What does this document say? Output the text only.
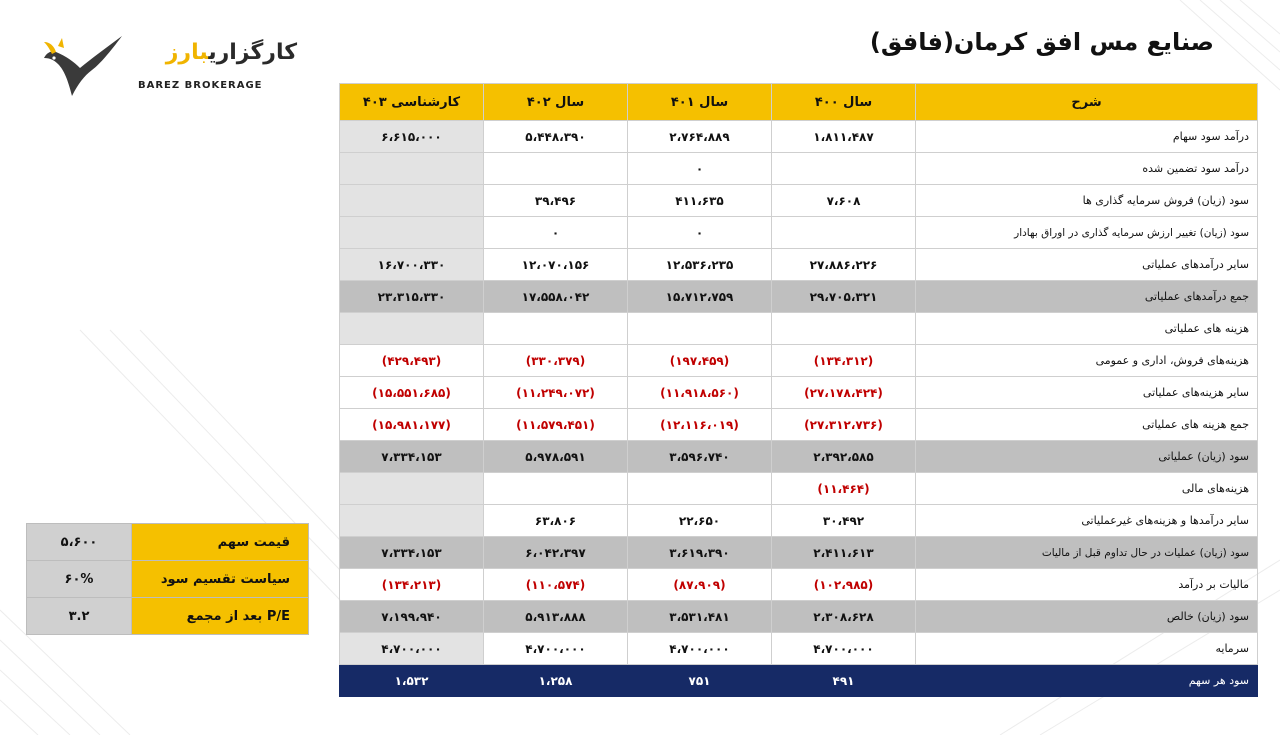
کارگزاریبارز
BAREZ BROKERAGE
صنایع مس افق کرمان(فافق)
کارشناسی ۴۰۳	سال ۴۰۲	سال ۴۰۱	سال ۴۰۰	شرح
۶،۶۱۵،۰۰۰	۵،۴۴۸،۳۹۰	۲،۷۶۴،۸۸۹	۱،۸۱۱،۴۸۷	درآمد سود سهام
		۰		درآمد سود تضمین شده
	۳۹،۴۹۶	۴۱۱،۶۳۵	۷،۶۰۸	سود (زیان) فروش سرمایه گذاری ها
	۰	۰		سود (زیان) تغییر ارزش سرمایه گذاری در اوراق بهادار
۱۶،۷۰۰،۳۳۰	۱۲،۰۷۰،۱۵۶	۱۲،۵۳۶،۲۳۵	۲۷،۸۸۶،۲۲۶	سایر درآمدهای عملیاتی
۲۳،۳۱۵،۳۳۰	۱۷،۵۵۸،۰۴۲	۱۵،۷۱۲،۷۵۹	۲۹،۷۰۵،۳۲۱	جمع درآمدهای عملیاتی
				هزینه های عملیاتی
(۴۲۹،۴۹۳)	(۳۳۰،۳۷۹)	(۱۹۷،۴۵۹)	(۱۳۴،۳۱۲)	هزینه‌های فروش، اداری و عمومی
(۱۵،۵۵۱،۶۸۵)	(۱۱،۲۴۹،۰۷۲)	(۱۱،۹۱۸،۵۶۰)	(۲۷،۱۷۸،۴۲۴)	سایر هزینه‌های عملیاتی
(۱۵،۹۸۱،۱۷۷)	(۱۱،۵۷۹،۴۵۱)	(۱۲،۱۱۶،۰۱۹)	(۲۷،۳۱۲،۷۳۶)	جمع هزینه های عملیاتی
۷،۳۳۴،۱۵۳	۵،۹۷۸،۵۹۱	۳،۵۹۶،۷۴۰	۲،۳۹۲،۵۸۵	سود (زیان) عملیاتی
			(۱۱،۴۶۴)	هزینه‌های مالی
	۶۳،۸۰۶	۲۲،۶۵۰	۳۰،۴۹۲	سایر درآمدها و هزینه‌های غیرعملیاتی
۷،۳۳۴،۱۵۳	۶،۰۴۲،۳۹۷	۳،۶۱۹،۳۹۰	۲،۴۱۱،۶۱۳	سود (زیان) عملیات در حال تداوم قبل از مالیات
(۱۳۴،۲۱۳)	(۱۱۰،۵۷۴)	(۸۷،۹۰۹)	(۱۰۲،۹۸۵)	مالیات بر درآمد
۷،۱۹۹،۹۴۰	۵،۹۱۳،۸۸۸	۳،۵۳۱،۴۸۱	۲،۳۰۸،۶۲۸	سود (زیان) خالص
۴،۷۰۰،۰۰۰	۴،۷۰۰،۰۰۰	۴،۷۰۰،۰۰۰	۴،۷۰۰،۰۰۰	سرمایه
۱،۵۳۲	۱،۲۵۸	۷۵۱	۴۹۱	سود هر سهم
۵،۶۰۰	قیمت سهم
۶۰%	سیاست تقسیم سود
۳.۲	P/E بعد از مجمع
